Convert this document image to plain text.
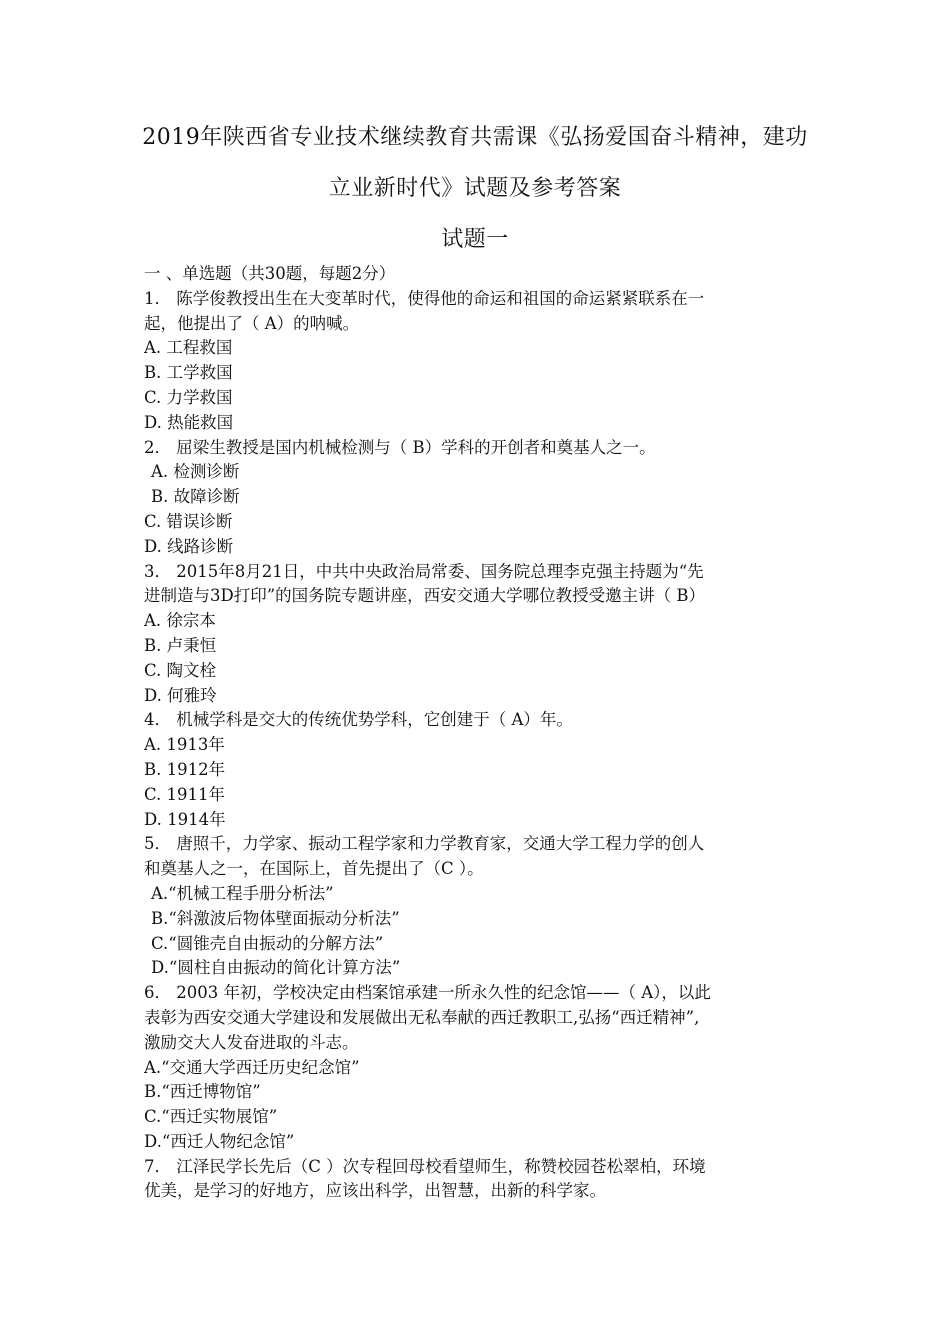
2019年陕西省专业技术继续教育共需课《弘扬爱国奋斗精神，建功
立业新时代》试题及参考答案
试题一
一 、单选题（共30题，每题2分）
1． 陈学俊教授出生在大变革时代，使得他的命运和祖国的命运紧紧联系在一
起，他提出了（ A）的呐喊。
A. 工程救国
B. 工学救国
C. 力学救国
D. 热能救国
2． 屈梁生教授是国内机械检测与（ B）学科的开创者和奠基人之一。
A. 检测诊断
B. 故障诊断
C. 错误诊断
D. 线路诊断
3． 2015年8月21日，中共中央政治局常委、国务院总理李克强主持题为“先
进制造与3D打印”的国务院专题讲座，西安交通大学哪位教授受邀主讲（ B）
A. 徐宗本
B. 卢秉恒
C. 陶文栓
D. 何雅玲
4． 机械学科是交大的传统优势学科，它创建于（ A）年。
A. 1913年
B. 1912年
C. 1911年
D. 1914年
5． 唐照千，力学家、振动工程学家和力学教育家，交通大学工程力学的创人
和奠基人之一，在国际上，首先提出了（C ）。
A.“机械工程手册分析法”
B.“斜激波后物体壁面振动分析法”
C.“圆锥壳自由振动的分解方法”
D.“圆柱自由振动的简化计算方法”
6． 2003 年初，学校决定由档案馆承建一所永久性的纪念馆——（ A），以此
表彰为西安交通大学建设和发展做出无私奉献的西迁教职工,弘扬“西迁精神”,
激励交大人发奋进取的斗志。
A.“交通大学西迁历史纪念馆”
B.“西迁博物馆”
C.“西迁实物展馆”
D.“西迁人物纪念馆”
7． 江泽民学长先后（C ）次专程回母校看望师生，称赞校园苍松翠柏，环境
优美，是学习的好地方，应该出科学，出智慧，出新的科学家。
